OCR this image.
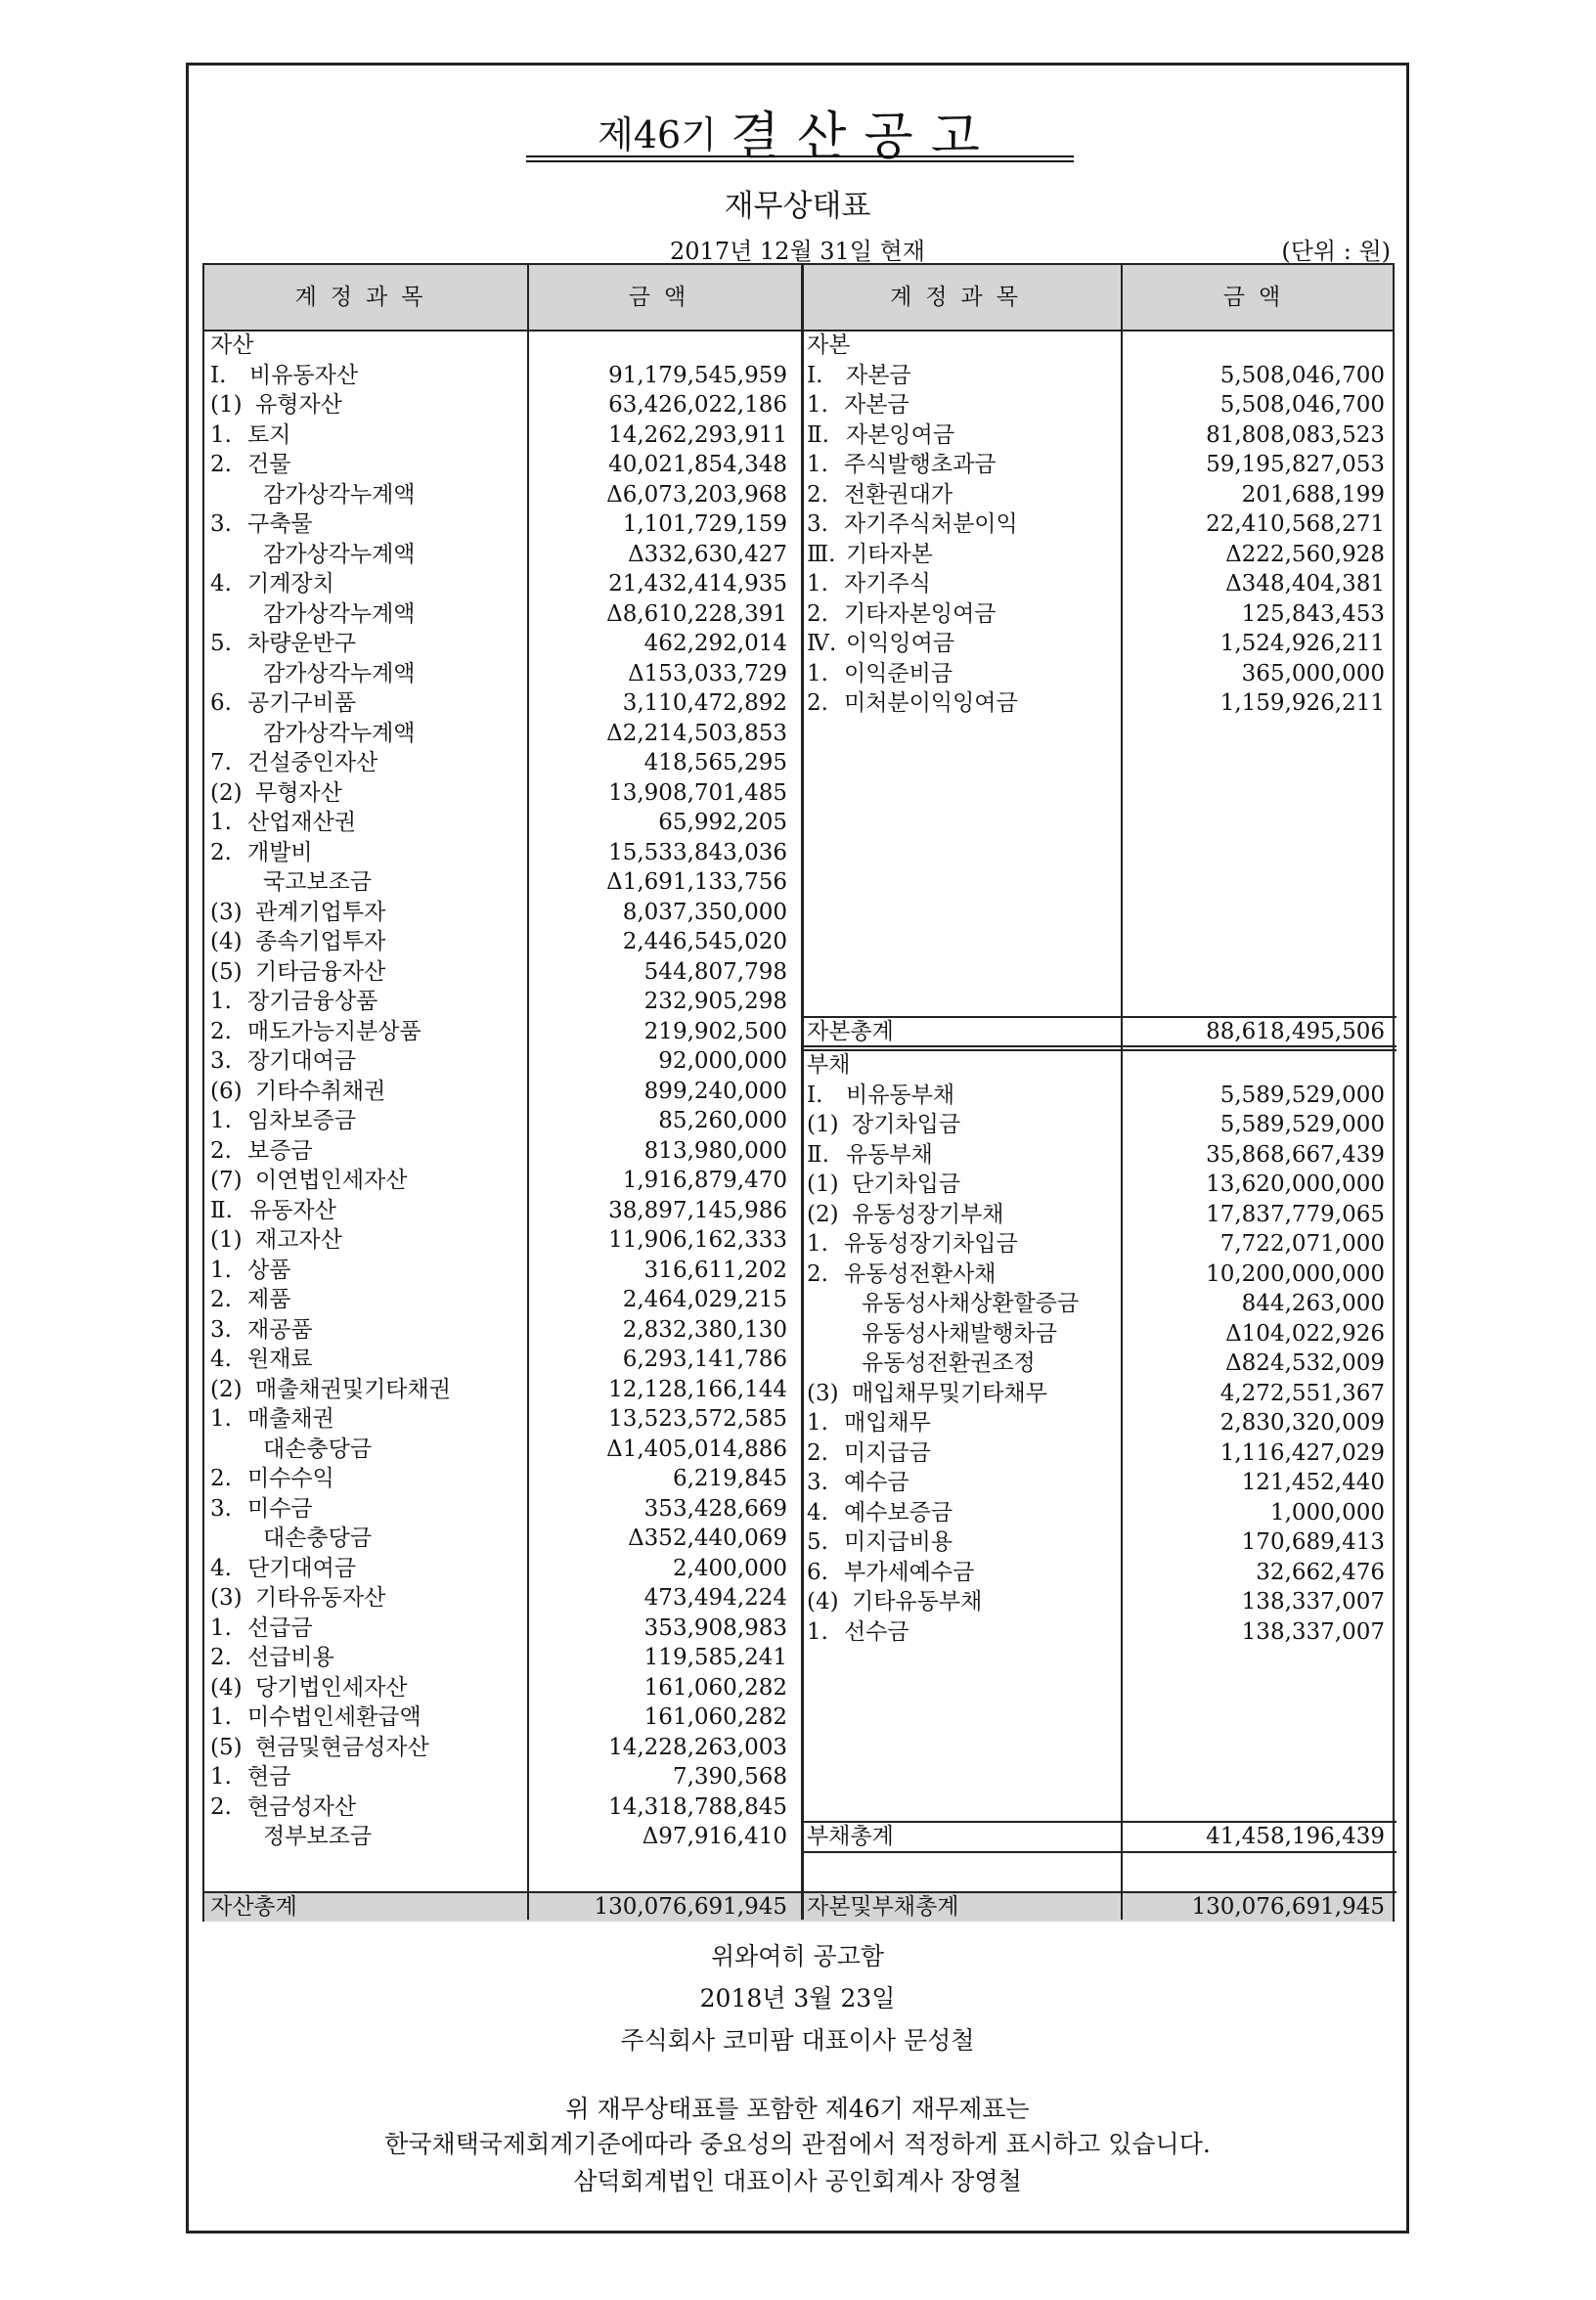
제46기 결산공고
재무상태표
2017년 12월 31일 현재	(단위 : 원)
계정과목	금액	계정과목	금액
자산
Ⅰ. 비유동자산	91,179,545,959
(1) 유형자산	63,426,022,186
1. 토지	14,262,293,911
2. 건물	40,021,854,348
감가상각누계액	Δ6,073,203,968
3. 구축물	1,101,729,159
감가상각누계액	Δ332,630,427
4. 기계장치	21,432,414,935
감가상각누계액	Δ8,610,228,391
5. 차량운반구	462,292,014
감가상각누계액	Δ153,033,729
6. 공기구비품	3,110,472,892
감가상각누계액	Δ2,214,503,853
7. 건설중인자산	418,565,295
(2) 무형자산	13,908,701,485
1. 산업재산권	65,992,205
2. 개발비	15,533,843,036
국고보조금	Δ1,691,133,756
(3) 관계기업투자	8,037,350,000
(4) 종속기업투자	2,446,545,020
(5) 기타금융자산	544,807,798
1. 장기금융상품	232,905,298
2. 매도가능지분상품	219,902,500
3. 장기대여금	92,000,000
(6) 기타수취채권	899,240,000
1. 임차보증금	85,260,000
2. 보증금	813,980,000
(7) 이연법인세자산	1,916,879,470
Ⅱ. 유동자산	38,897,145,986
(1) 재고자산	11,906,162,333
1. 상품	316,611,202
2. 제품	2,464,029,215
3. 재공품	2,832,380,130
4. 원재료	6,293,141,786
(2) 매출채권및기타채권	12,128,166,144
1. 매출채권	13,523,572,585
대손충당금	Δ1,405,014,886
2. 미수수익	6,219,845
3. 미수금	353,428,669
대손충당금	Δ352,440,069
4. 단기대여금	2,400,000
(3) 기타유동자산	473,494,224
1. 선급금	353,908,983
2. 선급비용	119,585,241
(4) 당기법인세자산	161,060,282
1. 미수법인세환급액	161,060,282
(5) 현금및현금성자산	14,228,263,003
1. 현금	7,390,568
2. 현금성자산	14,318,788,845
정부보조금	Δ97,916,410
자본
Ⅰ. 자본금	5,508,046,700
1. 자본금	5,508,046,700
Ⅱ. 자본잉여금	81,808,083,523
1. 주식발행초과금	59,195,827,053
2. 전환권대가	201,688,199
3. 자기주식처분이익	22,410,568,271
Ⅲ. 기타자본	Δ222,560,928
1. 자기주식	Δ348,404,381
2. 기타자본잉여금	125,843,453
Ⅳ. 이익잉여금	1,524,926,211
1. 이익준비금	365,000,000
2. 미처분이익잉여금	1,159,926,211
자본총계	88,618,495,506
부채
Ⅰ. 비유동부채	5,589,529,000
(1) 장기차입금	5,589,529,000
Ⅱ. 유동부채	35,868,667,439
(1) 단기차입금	13,620,000,000
(2) 유동성장기부채	17,837,779,065
1. 유동성장기차입금	7,722,071,000
2. 유동성전환사채	10,200,000,000
유동성사채상환할증금	844,263,000
유동성사채발행차금	Δ104,022,926
유동성전환권조정	Δ824,532,009
(3) 매입채무및기타채무	4,272,551,367
1. 매입채무	2,830,320,009
2. 미지급금	1,116,427,029
3. 예수금	121,452,440
4. 예수보증금	1,000,000
5. 미지급비용	170,689,413
6. 부가세예수금	32,662,476
(4) 기타유동부채	138,337,007
1. 선수금	138,337,007
부채총계	41,458,196,439
자산총계	130,076,691,945 자본및부채총계	130,076,691,945
위와여히 공고함
2018년 3월 23일
주식회사 코미팜 대표이사 문성철
위 재무상태표를 포함한 제46기 재무제표는
한국채택국제회계기준에따라 중요성의 관점에서 적정하게 표시하고 있습니다.
삼덕회계법인 대표이사 공인회계사 장영철
